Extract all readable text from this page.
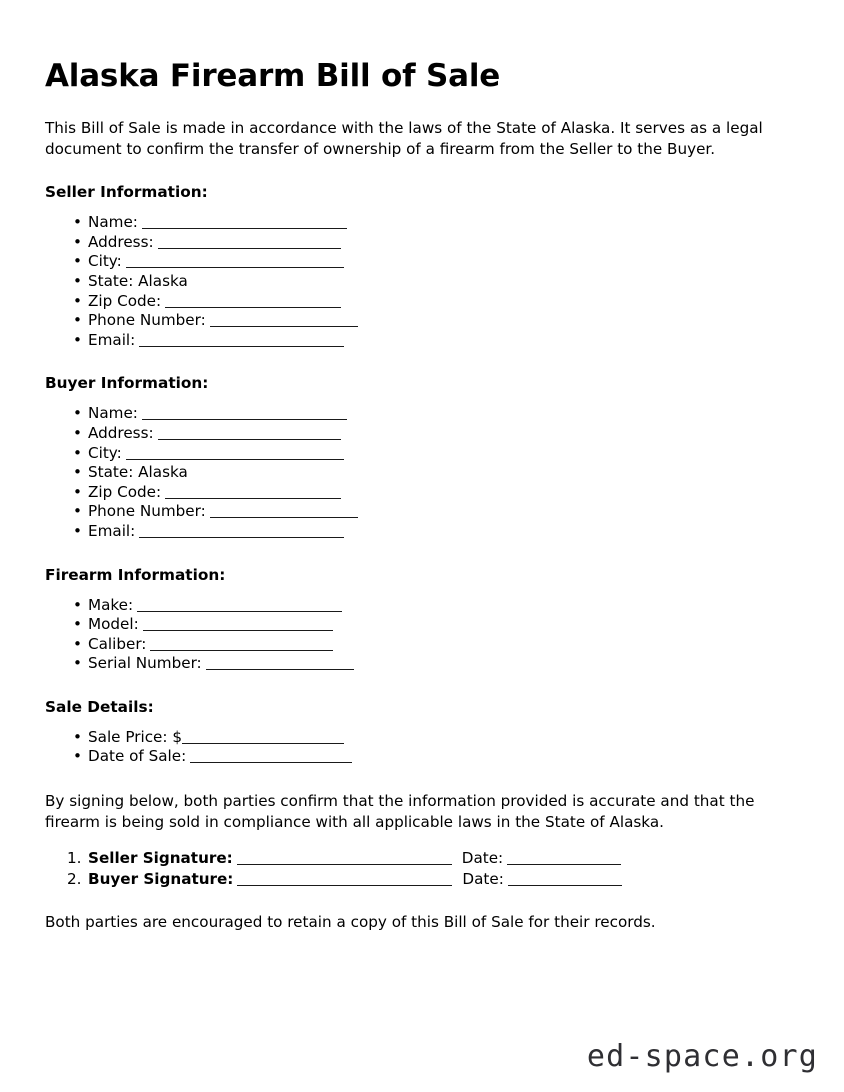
Alaska Firearm Bill of Sale

This Bill of Sale is made in accordance with the laws of the State of Alaska. It serves as a legal document to confirm the transfer of ownership of a firearm from the Seller to the Buyer.

Seller Information:
• Name:
• Address:
• City:
• State: Alaska
• Zip Code:
• Phone Number:
• Email:
Buyer Information:
• Name:
• Address:
• City:
• State: Alaska
• Zip Code:
• Phone Number:
• Email:
Firearm Information:
• Make:
• Model:
• Caliber:
• Serial Number:
Sale Details:
• Sale Price: $
• Date of Sale:

By signing below, both parties confirm that the information provided is accurate and that the firearm is being sold in compliance with all applicable laws in the State of Alaska.

Seller Signature:	Date:
Buyer Signature:	Date:

Both parties are encouraged to retain a copy of this Bill of Sale for their records.

ed-space.org
